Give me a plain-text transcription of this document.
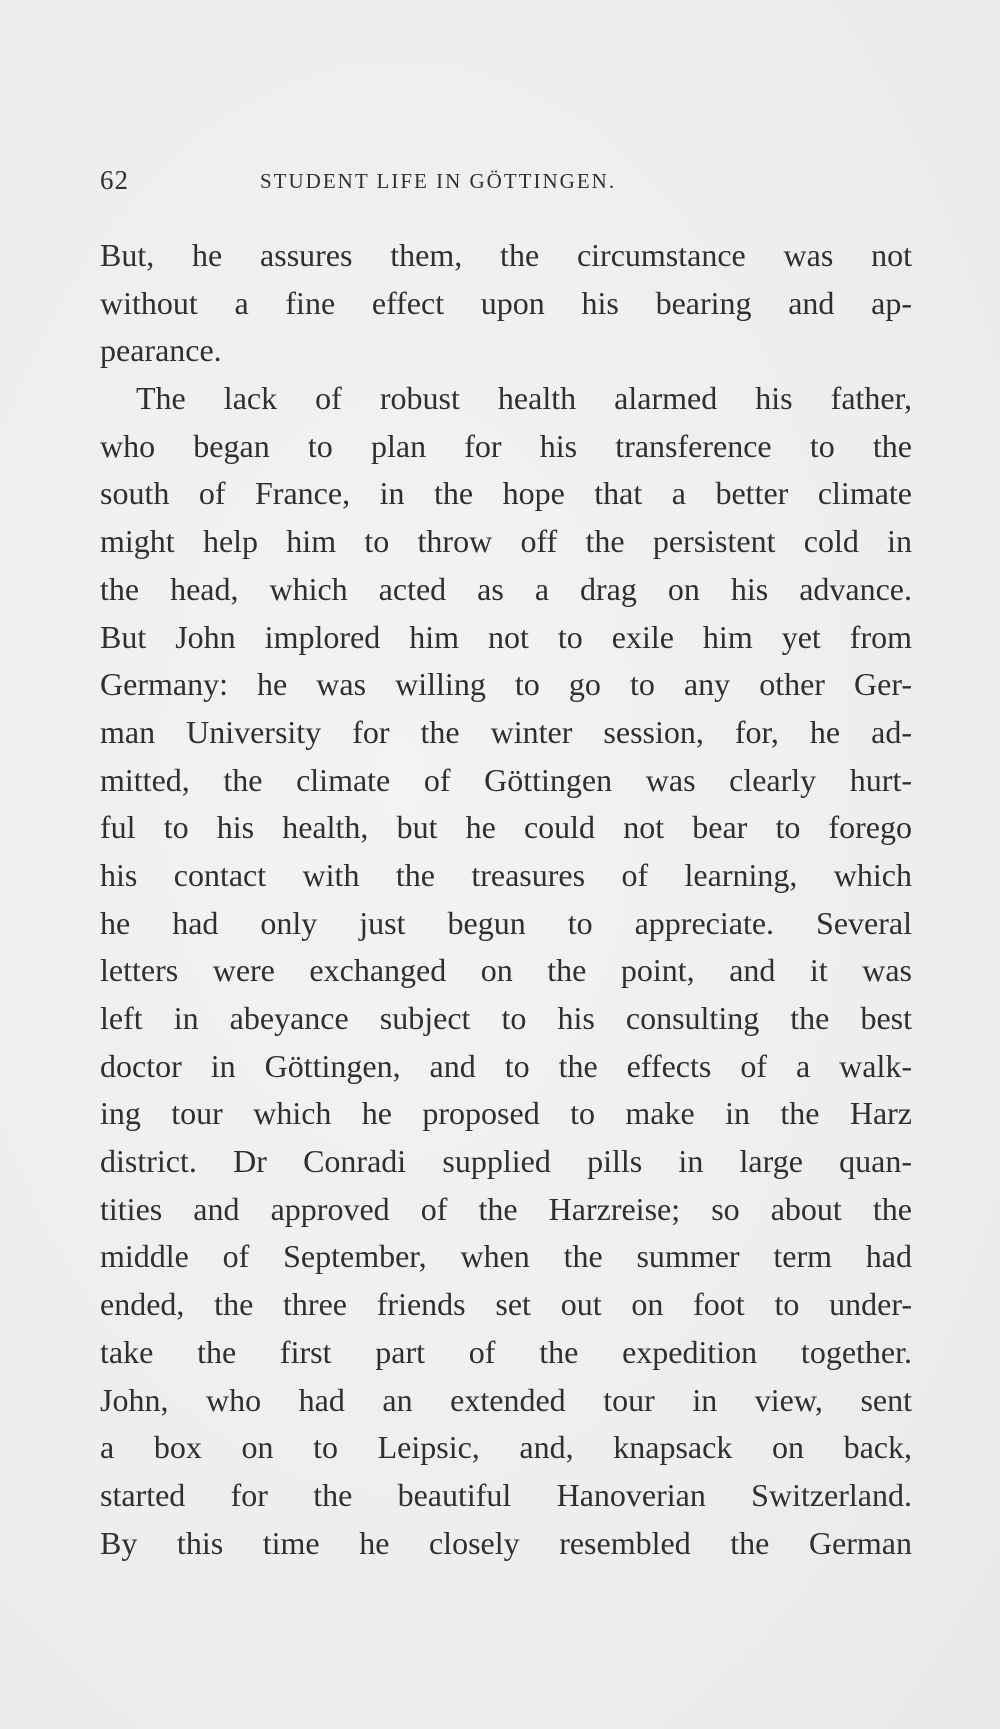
62	STUDENT LIFE IN GÖTTINGEN.
But, he assures them, the circumstance was not
without a fine effect upon his bearing and ap-
pearance.
The lack of robust health alarmed his father,
who began to plan for his transference to the
south of France, in the hope that a better climate
might help him to throw off the persistent cold in
the head, which acted as a drag on his advance.
But John implored him not to exile him yet from
Germany: he was willing to go to any other Ger-
man University for the winter session, for, he ad-
mitted, the climate of Göttingen was clearly hurt-
ful to his health, but he could not bear to forego
his contact with the treasures of learning, which
he had only just begun to appreciate. Several
letters were exchanged on the point, and it was
left in abeyance subject to his consulting the best
doctor in Göttingen, and to the effects of a walk-
ing tour which he proposed to make in the Harz
district. Dr Conradi supplied pills in large quan-
tities and approved of the Harzreise; so about the
middle of September, when the summer term had
ended, the three friends set out on foot to under-
take the first part of the expedition together.
John, who had an extended tour in view, sent
a box on to Leipsic, and, knapsack on back,
started for the beautiful Hanoverian Switzerland.
By this time he closely resembled the German
